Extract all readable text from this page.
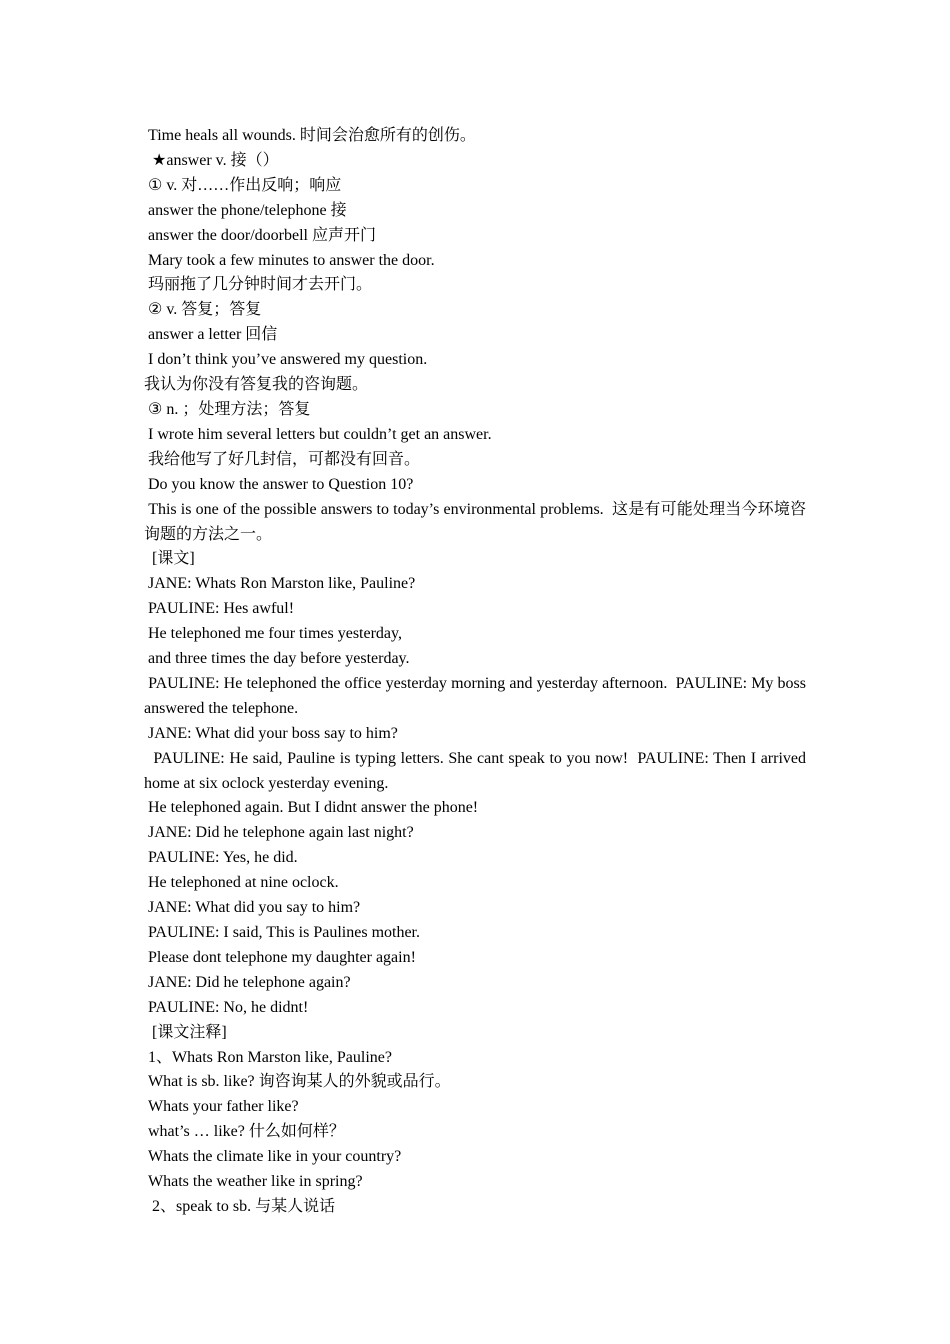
Time heals all wounds. 时间会治愈所有的创伤。

★answer v. 接（）

① v. 对……作出反响；响应

answer the phone/telephone 接

answer the door/doorbell 应声开门

Mary took a few minutes to answer the door.

玛丽拖了几分钟时间才去开门。

② v. 答复；答复

answer a letter 回信

I don’t think you’ve answered my question.

我认为你没有答复我的咨询题。

③ n. ；处理方法；答复

I wrote him several letters but couldn’t get an answer.

我给他写了好几封信，可都没有回音。

Do you know the answer to Question 10?

This is one of the possible answers to today’s environmental problems.  这是有可能处理当今环境咨询题的方法之一。

[课文]

JANE: Whats Ron Marston like, Pauline?

PAULINE: Hes awful!

He telephoned me four times yesterday,

and three times the day before yesterday.

PAULINE: He telephoned the office yesterday morning and yesterday afternoon.  PAULINE: My boss answered the telephone.

JANE: What did your boss say to him?

PAULINE: He said, Pauline is typing letters. She cant speak to you now!  PAULINE: Then I arrived home at six oclock yesterday evening.

He telephoned again. But I didnt answer the phone!

JANE: Did he telephone again last night?

PAULINE: Yes, he did.

He telephoned at nine oclock.

JANE: What did you say to him?

PAULINE: I said, This is Paulines mother.

Please dont telephone my daughter again!

JANE: Did he telephone again?

PAULINE: No, he didnt!

[课文注释]

1、Whats Ron Marston like, Pauline?

What is sb. like? 询咨询某人的外貌或品行。

Whats your father like?

what’s … like? 什么如何样？

Whats the climate like in your country?

Whats the weather like in spring?

2、speak to sb. 与某人说话
